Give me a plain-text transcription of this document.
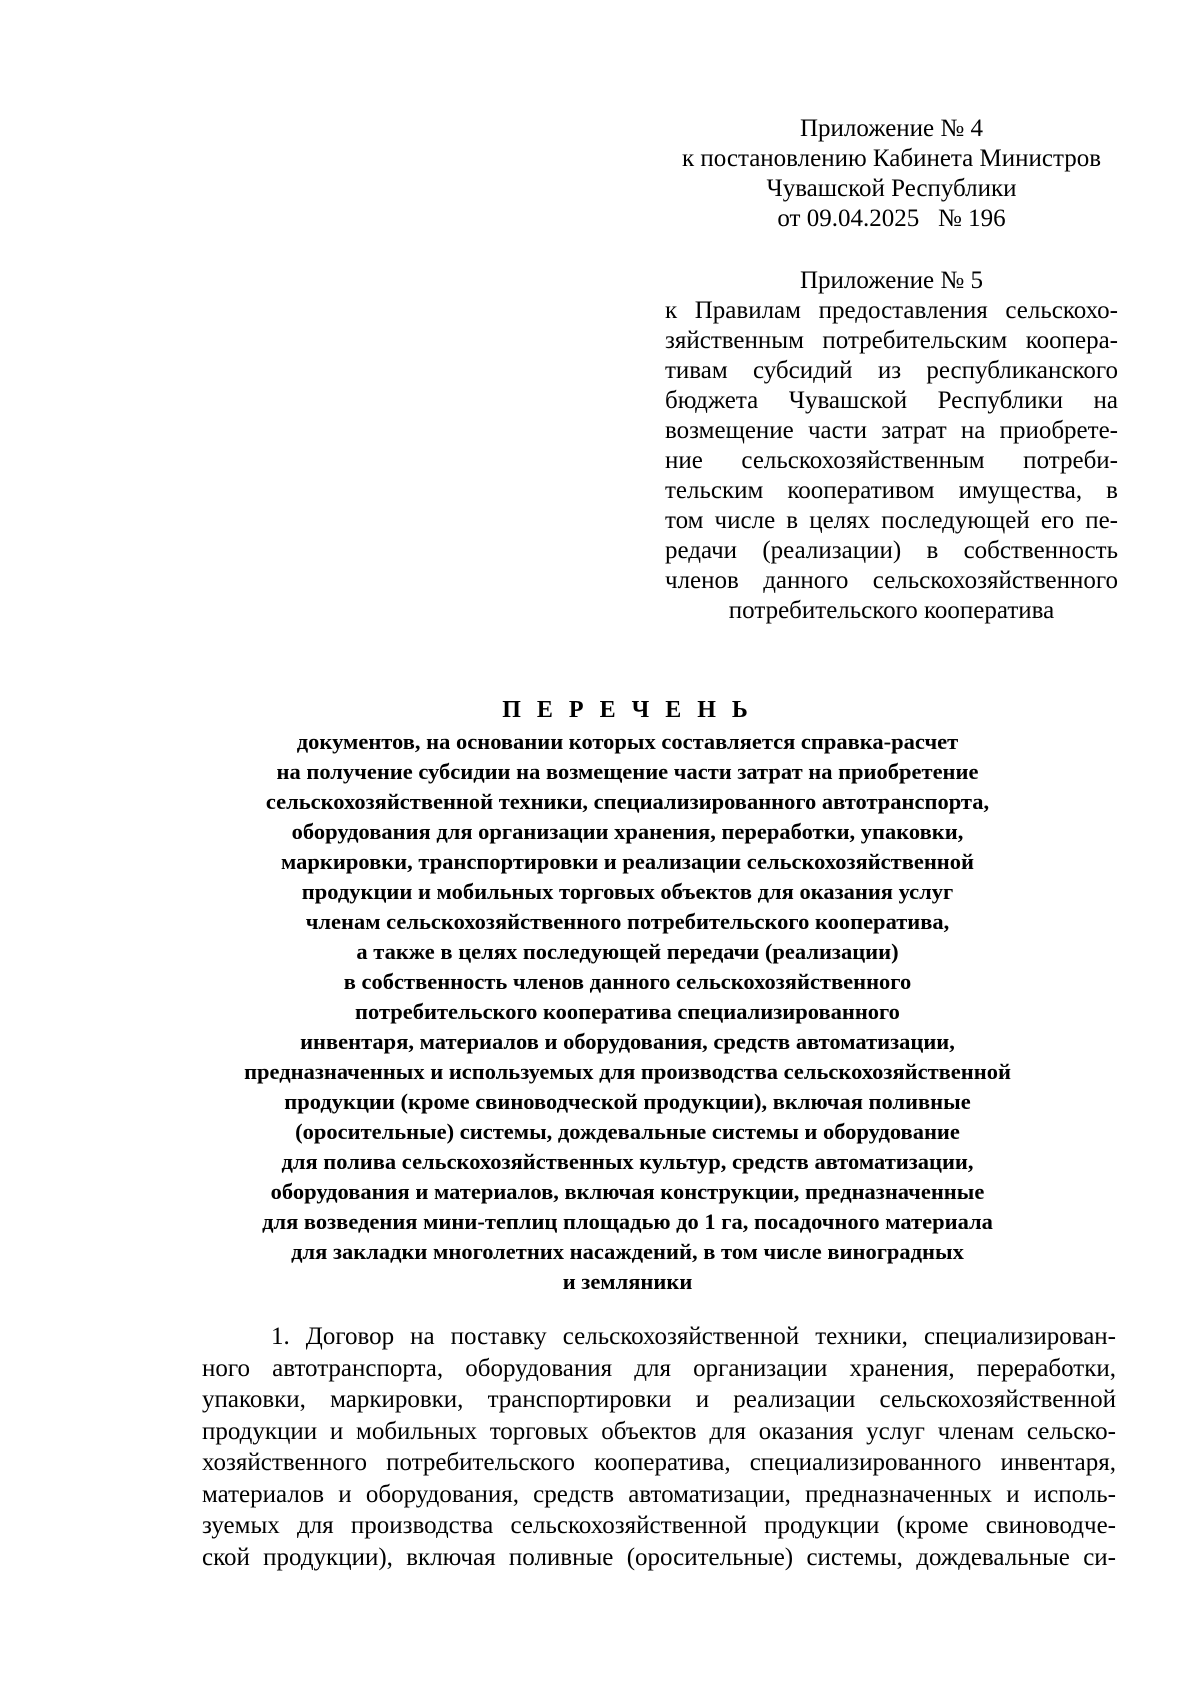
Приложение № 4
к постановлению Кабинета Министров
Чувашской Республики
от 09.04.2025   № 196
Приложение № 5
к Правилам предоставления сельскохо-
зяйственным потребительским коопера-
тивам субсидий из республиканского
бюджета Чувашской Республики на
возмещение части затрат на приобрете-
ние сельскохозяйственным потреби-
тельским кооперативом имущества, в
том числе в целях последующей его пе-
редачи (реализации) в собственность
членов данного сельскохозяйственного
потребительского кооператива
П Е Р Е Ч Е Н Ь
документов, на основании которых составляется справка-расчет
на получение субсидии на возмещение части затрат на приобретение
сельскохозяйственной техники, специализированного автотранспорта,
оборудования для организации хранения, переработки, упаковки,
маркировки, транспортировки и реализации сельскохозяйственной
продукции и мобильных торговых объектов для оказания услуг
членам сельскохозяйственного потребительского кооператива,
а также в целях последующей передачи (реализации)
в собственность членов данного сельскохозяйственного
потребительского кооператива специализированного
инвентаря, материалов и оборудования, средств автоматизации,
предназначенных и используемых для производства сельскохозяйственной
продукции (кроме свиноводческой продукции), включая поливные
(оросительные) системы, дождевальные системы и оборудование
для полива сельскохозяйственных культур, средств автоматизации,
оборудования и материалов, включая конструкции, предназначенные
для возведения мини-теплиц площадью до 1 га, посадочного материала
для закладки многолетних насаждений, в том числе виноградных
и земляники
1. Договор на поставку сельскохозяйственной техники, специализирован-
ного автотранспорта, оборудования для организации хранения, переработки,
упаковки, маркировки, транспортировки и реализации сельскохозяйственной
продукции и мобильных торговых объектов для оказания услуг членам сельско-
хозяйственного потребительского кооператива, специализированного инвентаря,
материалов и оборудования, средств автоматизации, предназначенных и исполь-
зуемых для производства сельскохозяйственной продукции (кроме свиноводче-
ской продукции), включая поливные (оросительные) системы, дождевальные си-
